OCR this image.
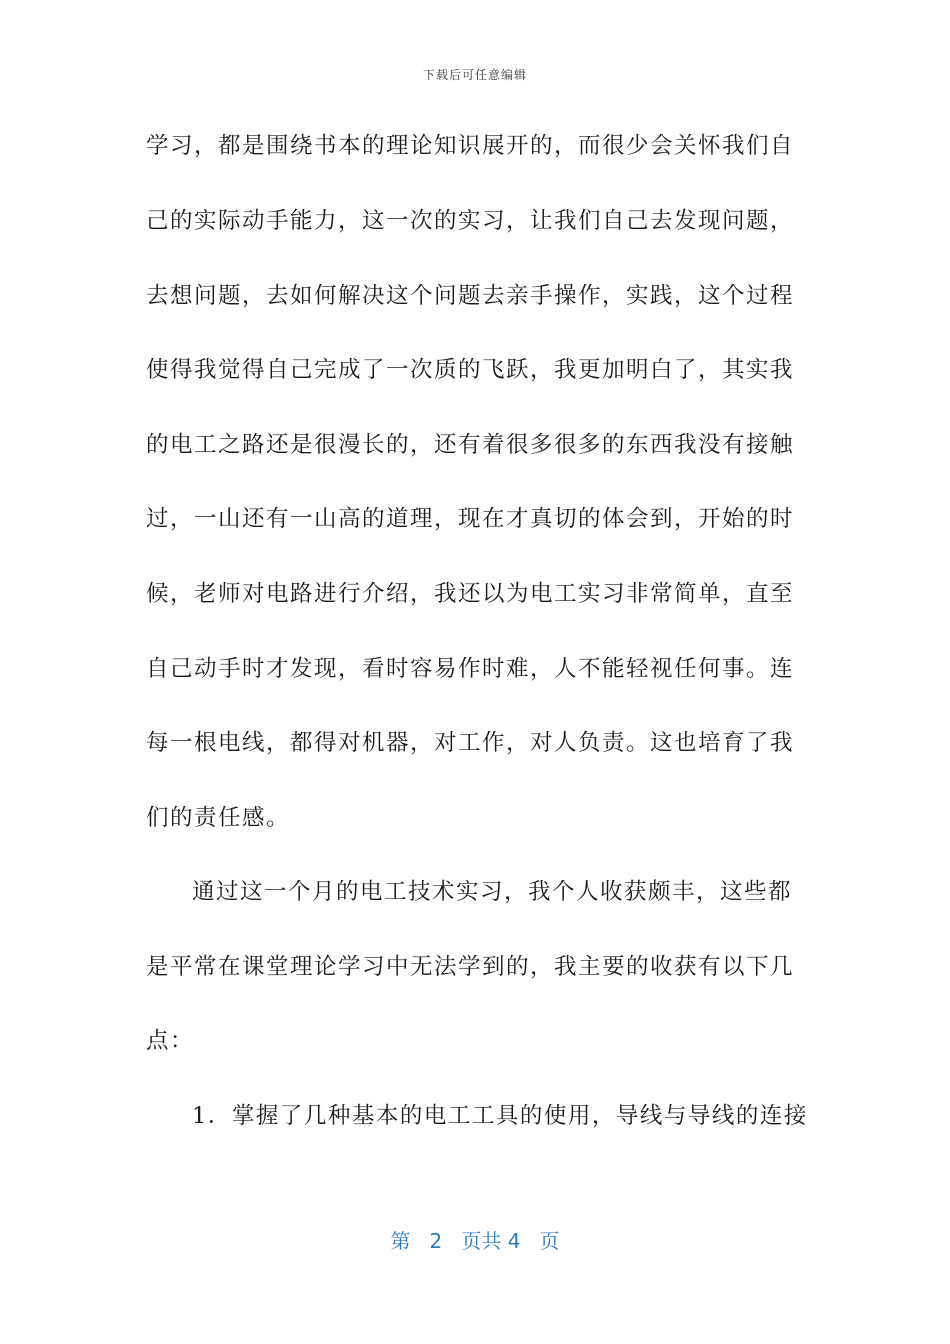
下载后可任意编辑
学习，都是围绕书本的理论知识展开的，而很少会关怀我们自
己的实际动手能力，这一次的实习，让我们自己去发现问题，
去想问题，去如何解决这个问题去亲手操作，实践，这个过程
使得我觉得自己完成了一次质的飞跃，我更加明白了，其实我
的电工之路还是很漫长的，还有着很多很多的东西我没有接触
过，一山还有一山高的道理，现在才真切的体会到，开始的时
候，老师对电路进行介绍，我还以为电工实习非常简单，直至
自己动手时才发现，看时容易作时难，人不能轻视任何事。连
每一根电线，都得对机器，对工作，对人负责。这也培育了我
们的责任感。
通过这一个月的电工技术实习，我个人收获颇丰，这些都
是平常在课堂理论学习中无法学到的，我主要的收获有以下几
点：
1．掌握了几种基本的电工工具的使用，导线与导线的连接
第 2 页共 4 页
